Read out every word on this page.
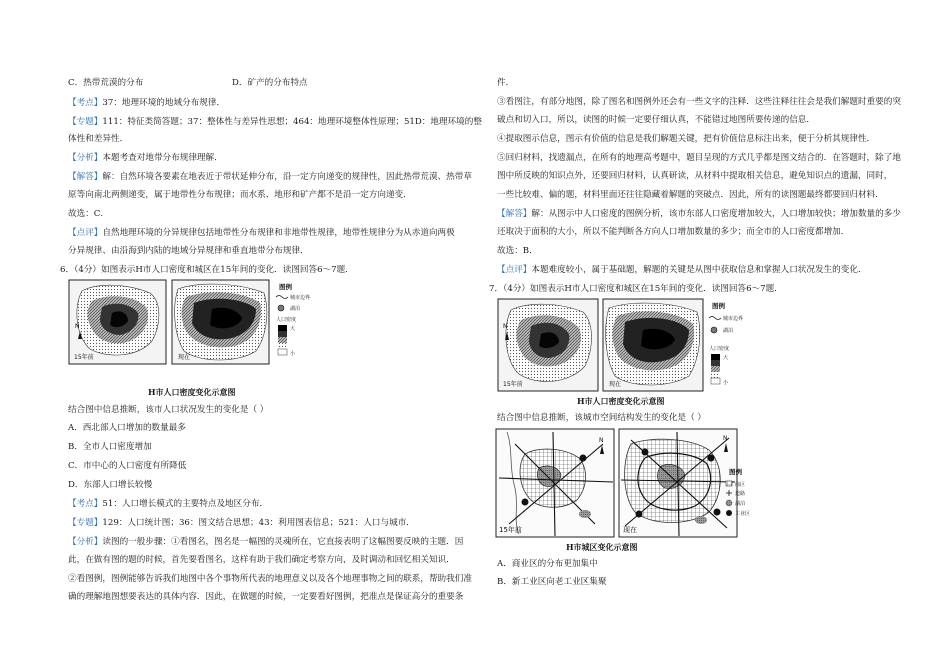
C．热带荒漠的分布	D．矿产的分布特点
【考点】37：地理环境的地域分布规律．
【专题】111：特征类简答题；37：整体性与差异性思想；464：地理环境整体性原理；51D：地理环境的整
体性和差异性．
【分析】本题考查对地带分布规律理解．
【解答】解：自然环境各要素在地表近于带状延伸分布，沿一定方向递变的规律性，因此热带荒漠、热带草
原等向南北两侧递变，属于地带性分布规律；而水系、地形和矿产都不是沿一定方向递变．
故选：C．
【点评】自然地理环境的分异规律包括地带性分布规律和非地带性规律，地带性规律分为从赤道向两极
分异规律、由沿海到内陆的地域分异规律和垂直地带分布规律．
6．（4分）如图表示H市人口密度和城区在15年间的变化．读图回答6～7题．
15年前
N
现在
图例
城市边界
湖泊
人口密度
大
小
H市人口密度变化示意图
结合图中信息推断，该市人口状况发生的变化是（ ）
A．西北部人口增加的数量最多
B．全市人口密度增加
C．市中心的人口密度有所降低
D．东部人口增长较慢
【考点】51：人口增长模式的主要特点及地区分布．
【专题】129：人口统计图；36：图文结合思想；43：利用图表信息；521：人口与城市．
【分析】读图的一般步骤：①看图名，图名是一幅图的灵魂所在，它直接表明了这幅图要反映的主题．因
此，在做有图的题的时候，首先要看图名，这样有助于我们确定考察方向，及时调动和回忆相关知识．
②看图例，图例能够告诉我们地图中各个事物所代表的地理意义以及各个地理事物之间的联系，帮助我们准
确的理解地图想要表达的具体内容．因此，在做题的时候，一定要看好图例，把准点是保证高分的重要条
件．
③看图注，有部分地图，除了图名和图例外还会有一些文字的注释．这些注释往往会是我们解题时重要的突
破点和切入口，所以，读图的时候一定要仔细认真，不能错过地图所要传递的信息．
④提取图示信息，图示有价值的信息是我们解题关键，把有价值信息标注出来，便于分析其规律性．
⑤回归材料，找遗漏点，在所有的地理高考题中，题目呈现的方式几乎都是图文结合的．在答题时，除了地
图中所反映的知识点外，还要回归材料，认真研读，从材料中提取相关信息，避免知识点的遗漏，同时，
一些比较难、偏的题，材料里面还往往隐藏着解题的突破点．因此，所有的读图题最终都要回归材料．
【解答】解：从图示中人口密度的图例分析，该市东部人口密度增加较大，人口增加较快；增加数量的多少
还取决于面积的大小，所以不能判断各方向人口增加数量的多少；而全市的人口密度都增加．
故选：B．
【点评】本题难度较小，属于基础题，解题的关键是从图中获取信息和掌握人口状况发生的变化．
7．（4分）如图表示H市人口密度和城区在15年间的变化．读图回答6～7题．
15年前
N
现在
图例
城市边界
湖泊
人口密度
大
小
H市人口密度变化示意图
结合图中信息推断，该城市空间结构发生的变化是（ ）
15年前
N
现在
N
图例
商区
道路
湖泊
工业区
H市城区变化示意图
A．商业区的分布更加集中
B．新工业区向老工业区集聚
